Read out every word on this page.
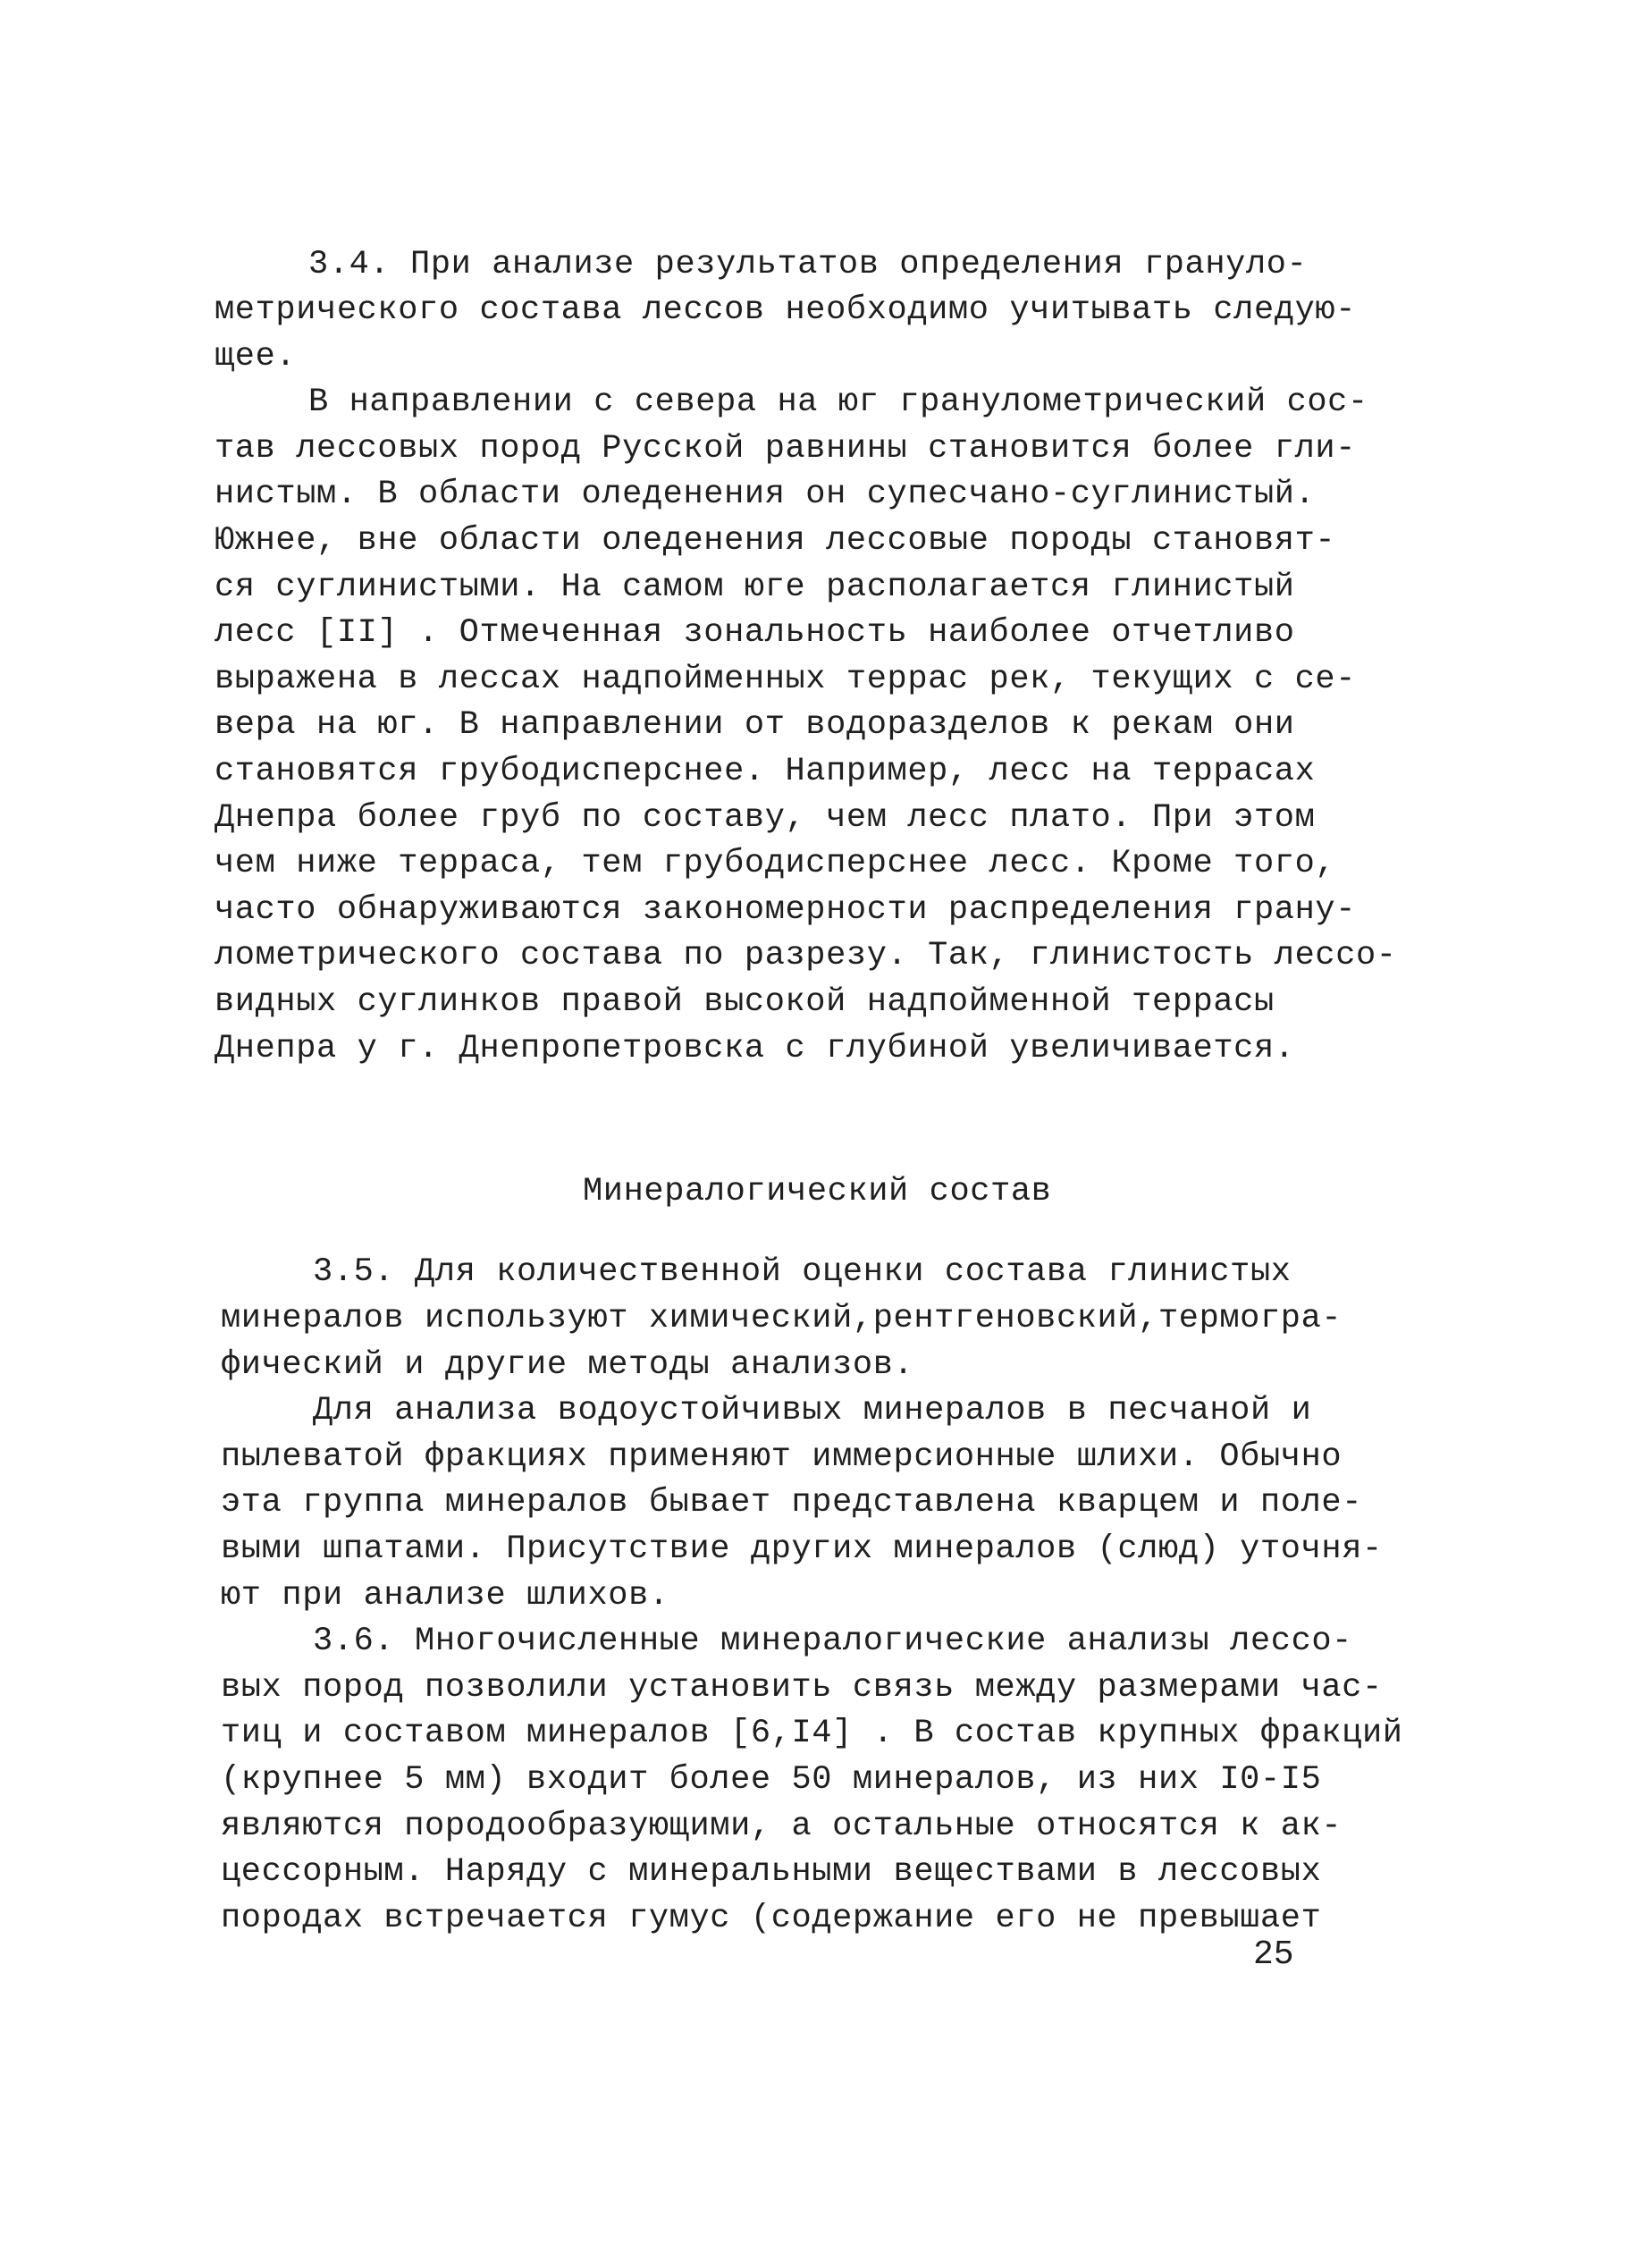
3.4. При анализе результатов определения грануло-
метрического состава лессов необходимо учитывать следую-
щее.
В направлении с севера на юг гранулометрический сос-
тав лессовых пород Русской равнины становится более гли-
нистым. В области оледенения он супесчано-суглинистый.
Южнее, вне области оледенения лессовые породы становят-
ся суглинистыми. На самом юге располагается глинистый
лесс [II] . Отмеченная зональность наиболее отчетливо
выражена в лессах надпойменных террас рек, текущих с се-
вера на юг. В направлении от водоразделов к рекам они
становятся грубодисперснее. Например, лесс на террасах
Днепра более груб по составу, чем лесс плато. При этом
чем ниже терраса, тем грубодисперснее лесс. Кроме того,
часто обнаруживаются закономерности распределения грану-
лометрического состава по разрезу. Так, глинистость лессо-
видных суглинков правой высокой надпойменной террасы
Днепра у г. Днепропетровска с глубиной увеличивается.
Минералогический состав
3.5. Для количественной оценки состава глинистых
минералов используют химический,рентгеновский,термогра-
фический и другие методы анализов.
Для анализа водоустойчивых минералов в песчаной и
пылеватой фракциях применяют иммерсионные шлихи. Обычно
эта группа минералов бывает представлена кварцем и поле-
выми шпатами. Присутствие других минералов (слюд) уточня-
ют при анализе шлихов.
3.6. Многочисленные минералогические анализы лессо-
вых пород позволили установить связь между размерами час-
тиц и составом минералов [6,I4] . В состав крупных фракций
(крупнее 5 мм) входит более 50 минералов, из них I0-I5
являются породообразующими, а остальные относятся к ак-
цессорным. Наряду с минеральными веществами в лессовых
породах встречается гумус (содержание его не превышает
25
